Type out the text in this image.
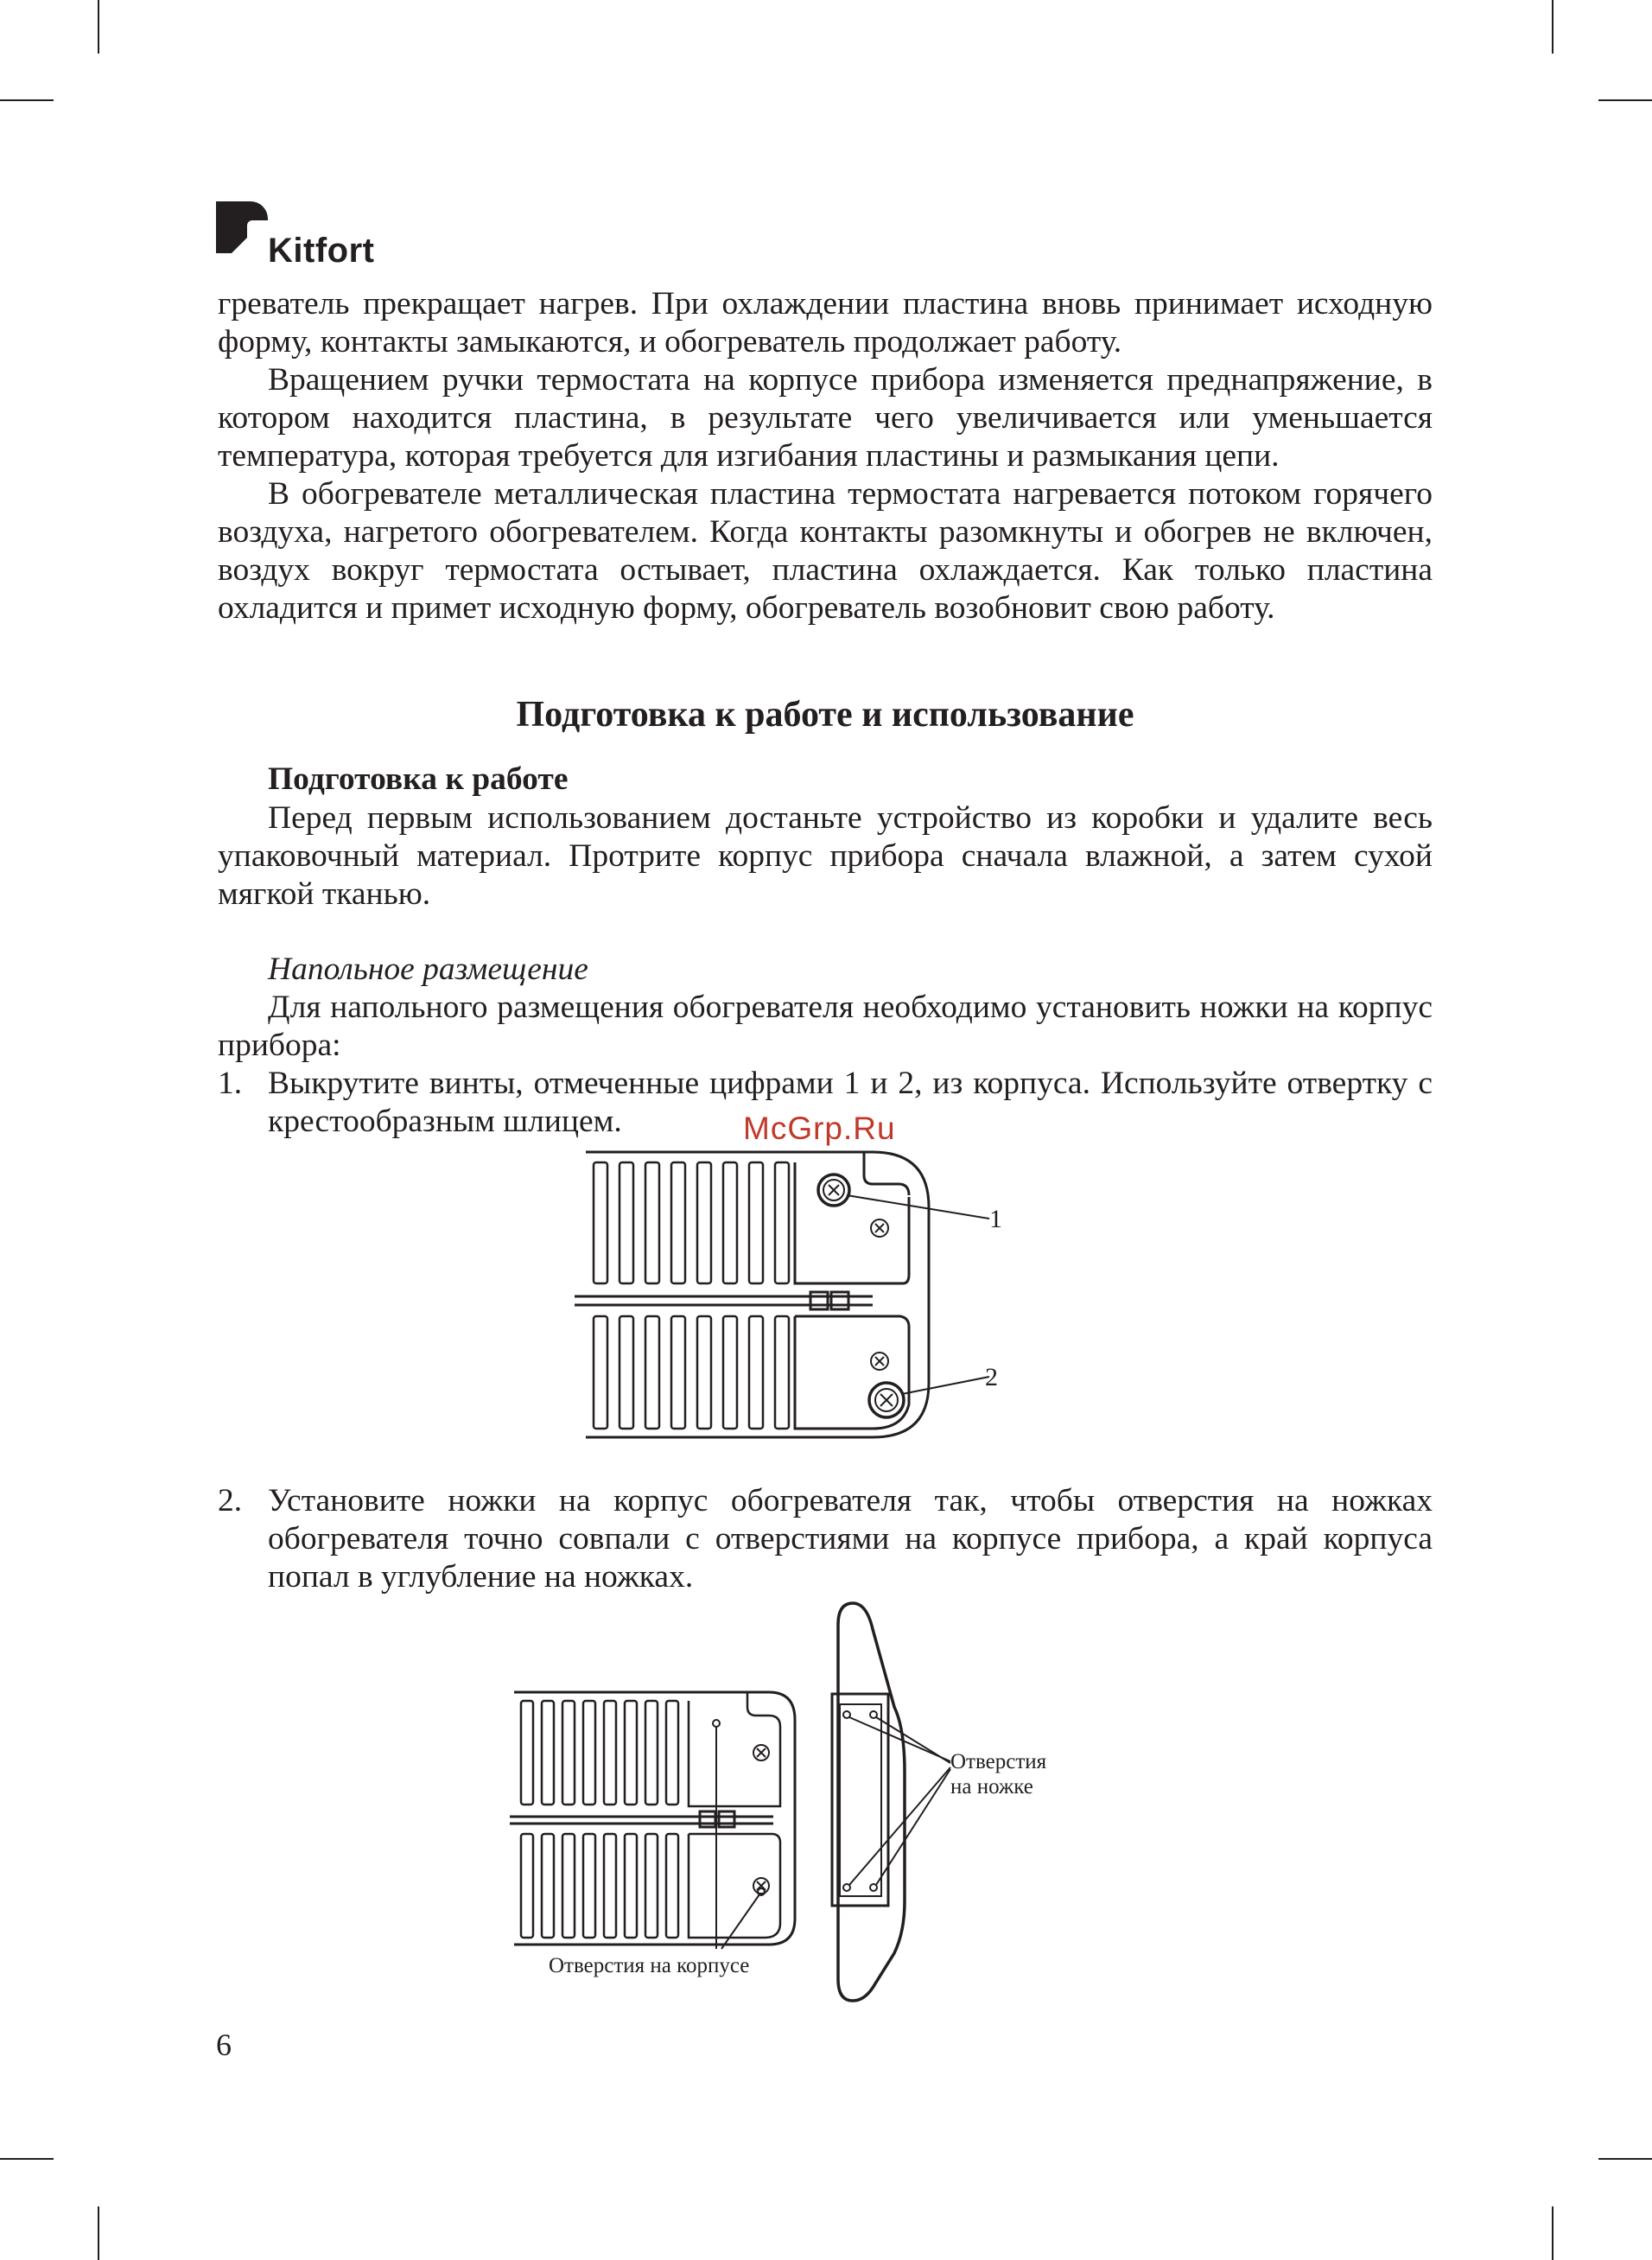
Kitfort

греватель прекращает нагрев. При охлаждении пластина вновь принимает исходную форму, контакты замыкаются, и обогреватель продолжает работу.

Вращением ручки термостата на корпусе прибора изменяется преднапряжение, в котором находится пластина, в результате чего увеличивается или уменьшается температура, которая требуется для изгибания пластины и размыкания цепи.

В обогревателе металлическая пластина термостата нагревается потоком горячего воздуха, нагретого обогревателем. Когда контакты разомкнуты и обогрев не включен, воздух вокруг термостата остывает, пластина охлаждается. Как только пластина охладится и примет исходную форму, обогреватель возобновит свою работу.

Подготовка к работе и использование
Подготовка к работе

Перед первым использованием достаньте устройство из коробки и удалите весь упаковочный материал. Протрите корпус прибора сначала влажной, а затем сухой мягкой тканью.

Напольное размещение

Для напольного размещения обогревателя необходимо установить ножки на корпус прибора:

1. Выкрутите винты, отмеченные цифрами 1 и 2, из корпуса. Используйте отвертку с крестообразным шлицем.	McGrp.Ru
1
2
2. Установите ножки на корпус обогревателя так, чтобы отверстия на ножках обогревателя точно совпали с отверстиями на корпусе прибора, а край корпуса попал в углубление на ножках.
Отверстия на корпусе
Отверстия
на ножке
6
